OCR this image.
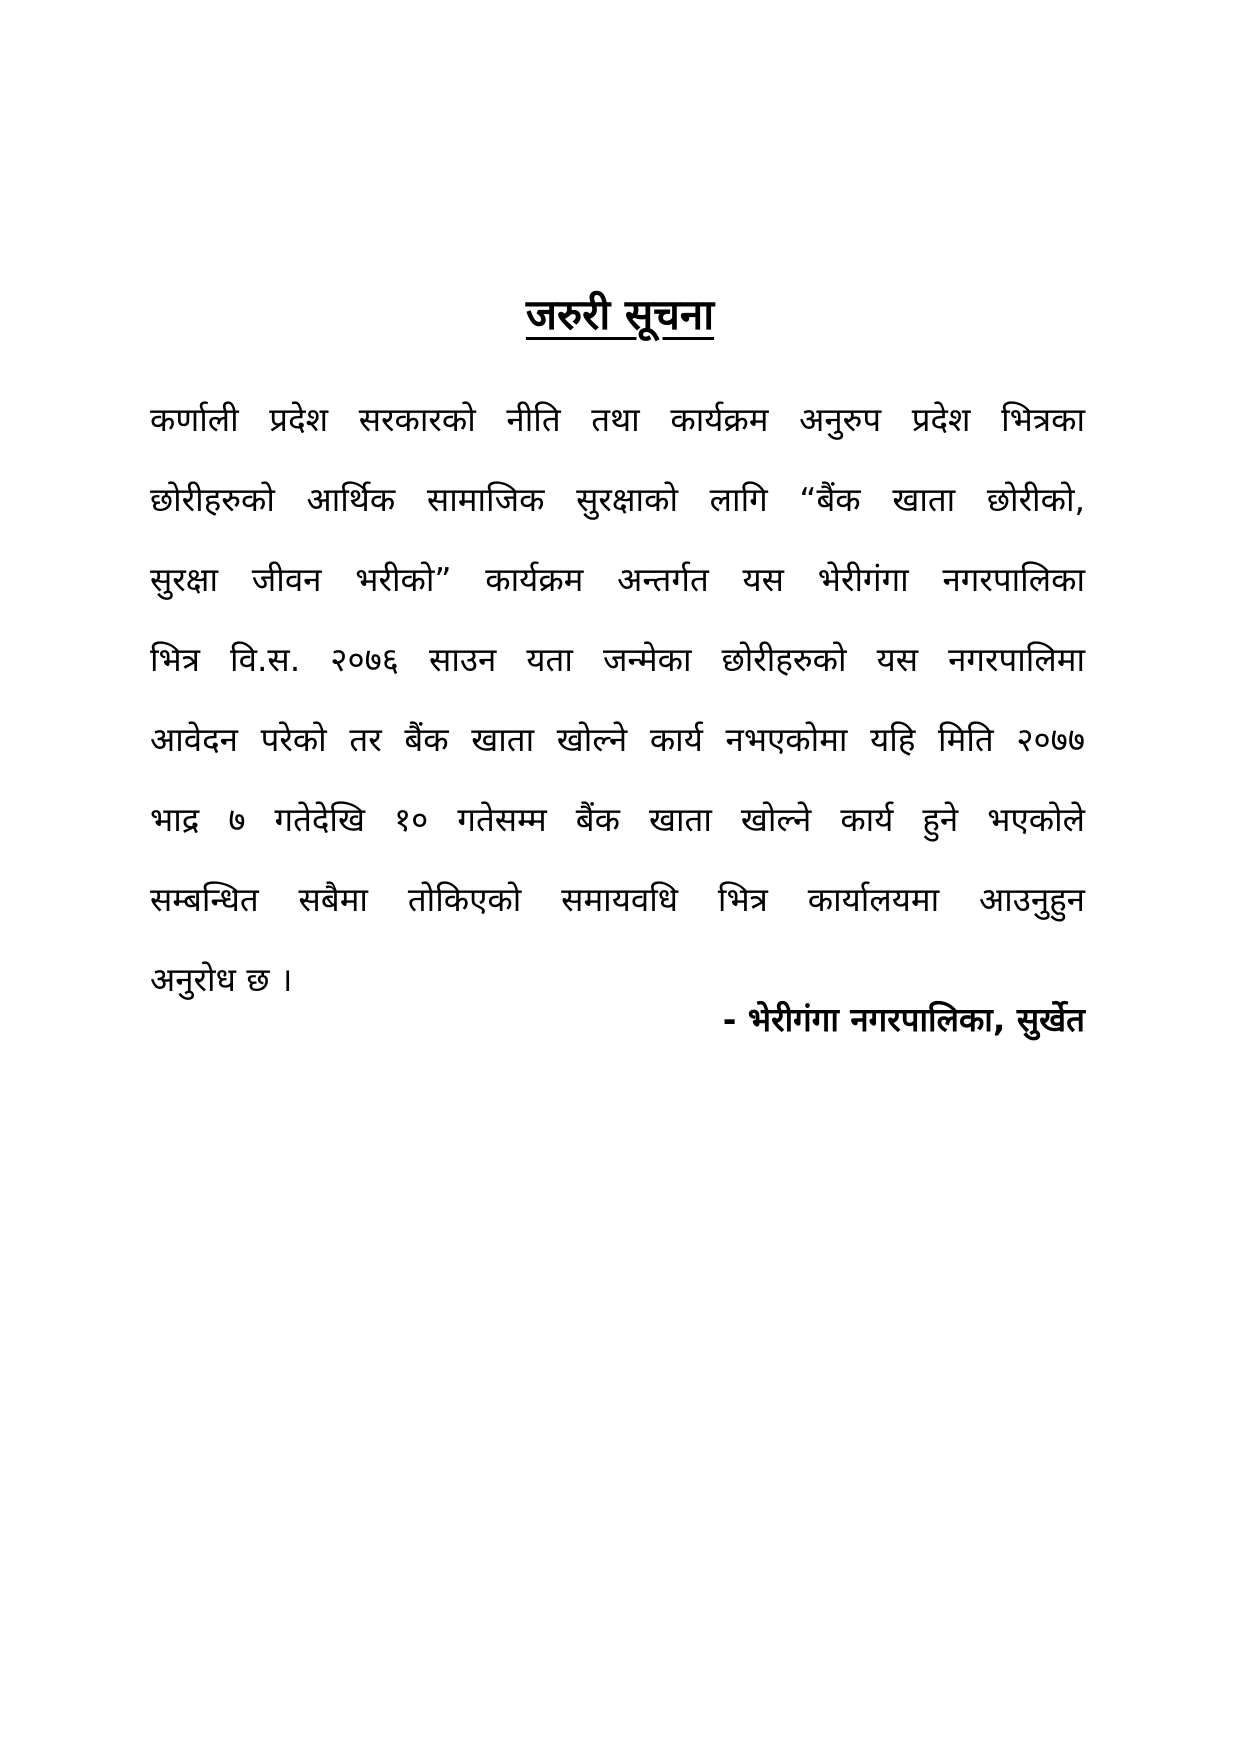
जरुरी सूचना
कर्णाली प्रदेश सरकारको नीति तथा कार्यक्रम अनुरुप प्रदेश भित्रका
छोरीहरुको आर्थिक सामाजिक सुरक्षाको लागि “बैंक खाता छोरीको,
सुरक्षा जीवन भरीको” कार्यक्रम अन्तर्गत यस भेरीगंगा नगरपालिका
भित्र वि.स. २०७६ साउन यता जन्मेका छोरीहरुको यस नगरपालिमा
आवेदन परेको तर बैंक खाता खोल्ने कार्य नभएकोमा यहि मिति २०७७
भाद्र ७ गतेदेखि १० गतेसम्म बैंक खाता खोल्ने कार्य हुने भएकोले
सम्बन्धित सबैमा तोकिएको समायवधि भित्र कार्यालयमा आउनुहुन
अनुरोध छ ।
- भेरीगंगा नगरपालिका, सुर्खेत
